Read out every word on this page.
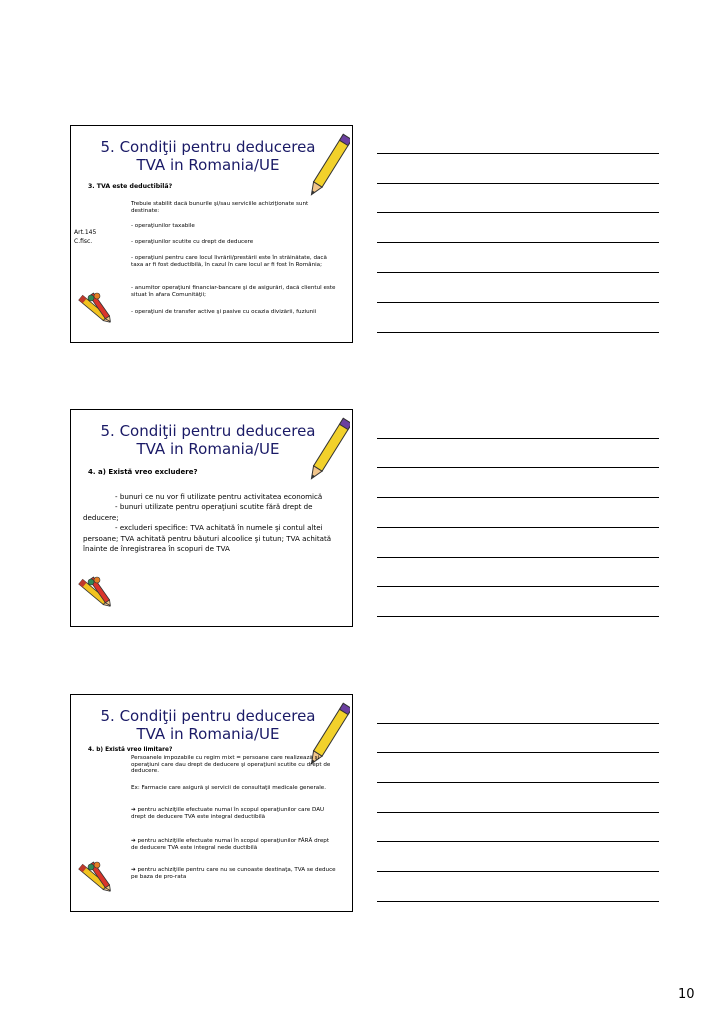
5. Condiţii pentru deducerea
TVA in Romania/UE
3. TVA este deductibilă?
Trebuie stabilit dacă bunurile şi/sau serviciile achiziţionate sunt destinate:
- operaţiunilor taxabile
Art.145
C.fisc.	- operaţiunilor scutite cu drept de deducere
- operaţiuni pentru care locul livrării/prestării este în străinătate, dacă taxa ar fi fost deductibilă, în cazul în care locul ar fi fost în România;
- anumitor operaţiuni financiar-bancare şi de asigurări, dacă clientul este situat în afara Comunităţii;
- operaţiuni de transfer active şi pasive cu ocazia divizării, fuziunii
5. Condiţii pentru deducerea
TVA in Romania/UE
4. a) Există vreo excludere?
- bunuri ce nu vor fi utilizate pentru activitatea economică
- bunuri utilizate pentru operaţiuni scutite fără drept de deducere;
- excluderi specifice: TVA achitată în numele şi contul altei persoane; TVA achitată pentru băuturi alcoolice şi tutun; TVA achitată înainte de înregistrarea în scopuri de TVA
5. Condiţii pentru deducerea
TVA in Romania/UE
4. b) Există vreo limitare?
Persoanele impozabile cu regim mixt = persoane care realizează şi operaţiuni care dau drept de deducere şi operaţiuni scutite cu drept de deducere.
Ex: Farmacie care asigură şi servicii de consultaţii medicale generale.
➔ pentru achiziţiile efectuate numai în scopul operaţiunilor care DAU drept de deducere TVA este integral deductibilă
➔ pentru achiziţiile efectuate numai în scopul operaţiunilor FĂRĂ drept de deducere TVA este integral nede ductibilă
➔ pentru achiziţiile pentru care nu se cunoaste destinaţa, TVA se deduce pe baza de pro-rata
10
